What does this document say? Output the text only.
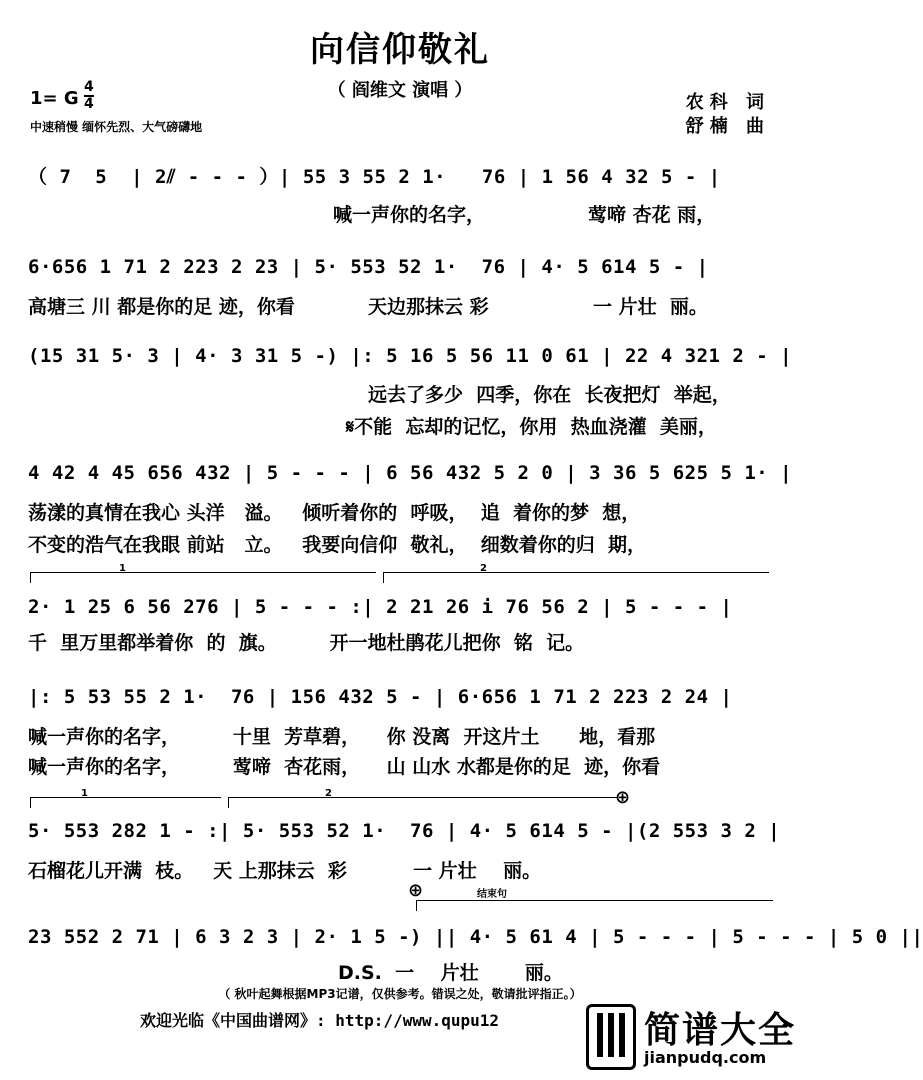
向信仰敬礼
（ 阎维文 演唱 ）
1= G
4
4
中速稍慢 缅怀先烈、大气磅礴地
农科 词
舒楠 曲
（ 7  5  | 2⫽ - - - ）| 55 3 55 2 1·   76 | 1 56 4 32 5 - |

喊一声你的名字，

	莺啼 杏花 雨，

6·656 1 71 2 223 2 23 | 5· 553 52 1·  76 | 4· 5 614 5 - |

高塘三 川 都是你的足 迹，你看

	天边那抹云 彩

	一 片壮  丽。

(15 31 5· 3 | 4· 3 31 5 -) |: 5 16 5 56 11 0 61 | 22 4 321 2 - |

远去了多少  四季，你在  长夜把灯  举起，

𝄋不能  忘却的记忆，你用  热血浇灌  美丽，

4 42 4 45 656 432 | 5 - - - | 6 56 432 5 2 0 | 3 36 5 625 5 1· |
荡漾的真情在我心 头洋   溢。   倾听着你的  呼吸，  追  着你的梦  想，
不变的浩气在我眼 前站   立。   我要向信仰  敬礼，  细数着你的归  期，
1	2
2· 1 25 6 56 276 | 5 - - - :| 2 21 26 i 76 56 2 | 5 - - - |
千  里万里都举着你  的  旗。        开一地杜鹃花儿把你  铭  记。
|: 5 53 55 2 1·  76 | 156 432 5 - | 6·656 1 71 2 223 2 24 |
喊一声你的名字，        十里  芳草碧，    你 没离  开这片土      地，看那
喊一声你的名字，        莺啼  杏花雨，    山 山水 水都是你的足  迹，你看
1	2	⊕
5· 553 282 1 - :| 5· 553 52 1·  76 | 4· 5 614 5 - |(2 553 3 2 |
石榴花儿开满  枝。   天 上那抹云  彩          一 片壮    丽。
⊕	结束句
23 552 2 71 | 6 3 2 3 | 2· 1 5 -) || 4· 5 61 4 | 5 - - - | 5 - - - | 5 0 ||

D.S.  一    片壮       丽。

（ 秋叶起舞根据MP3记谱，仅供参考。错误之处，敬请批评指正。）
欢迎光临《中国曲谱网》: http://www.qupu12	简谱大全
jianpudq.com
